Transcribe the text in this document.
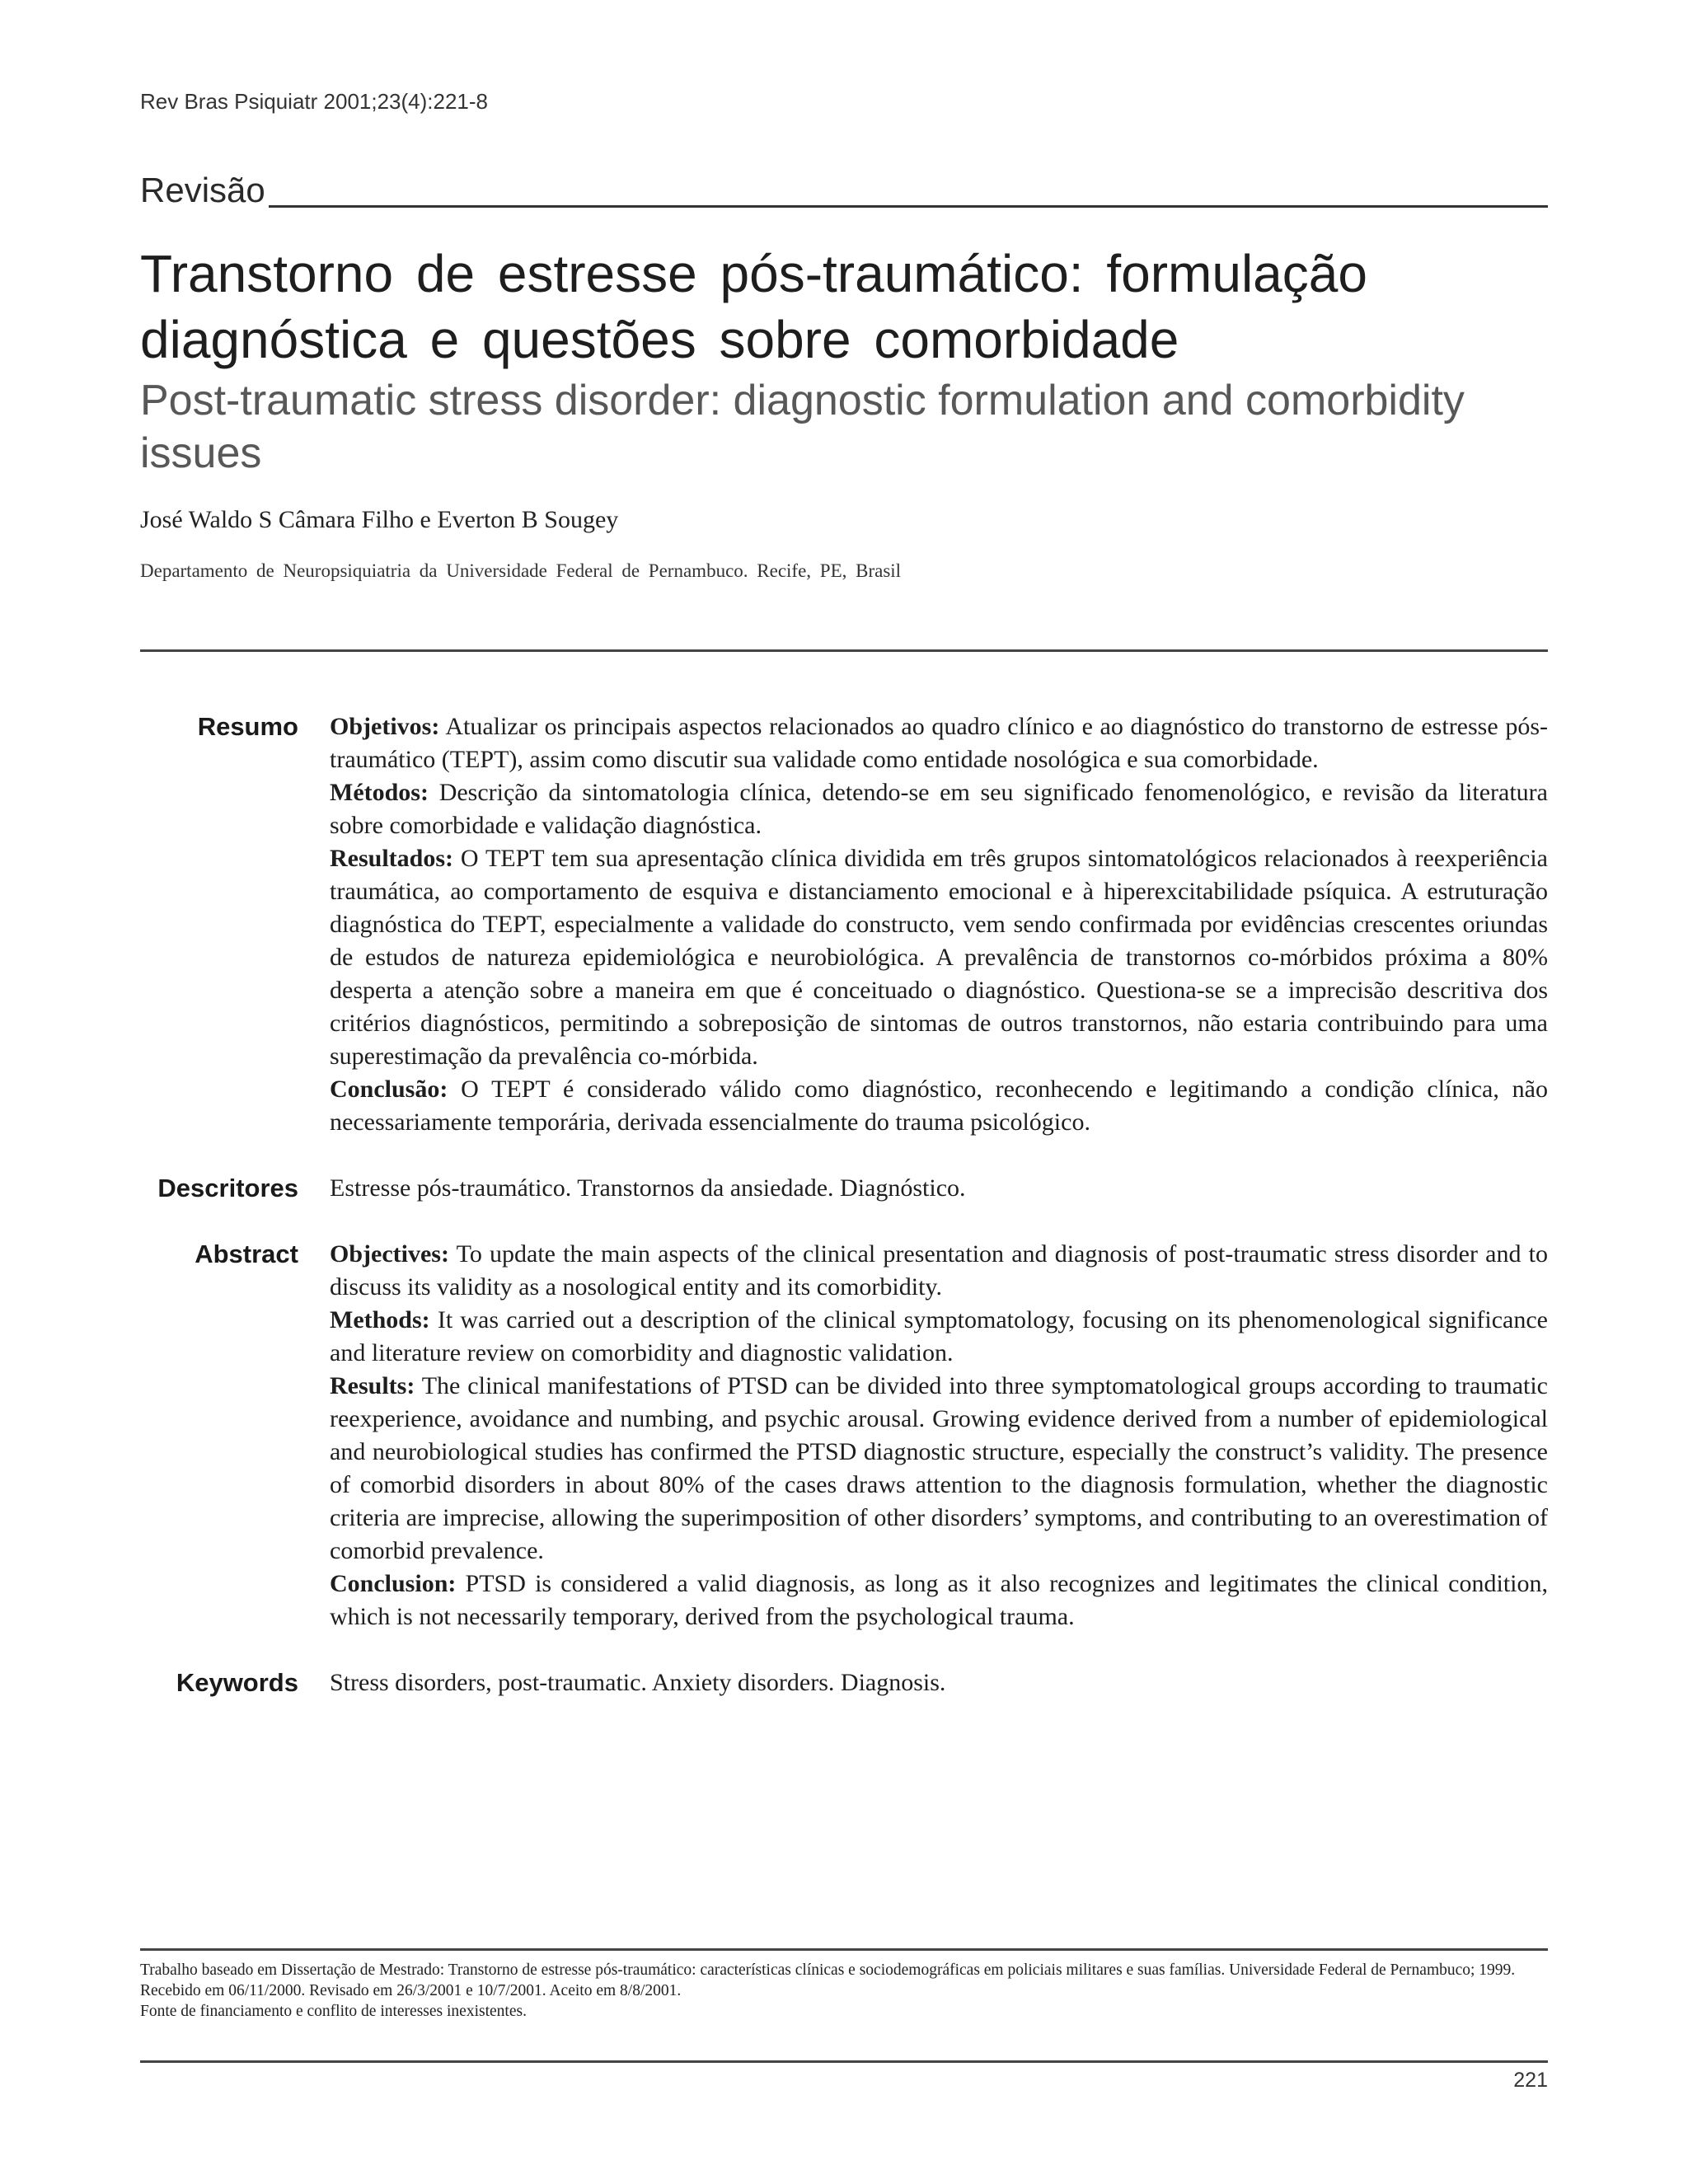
Rev Bras Psiquiatr 2001;23(4):221-8
Revisão
Transtorno de estresse pós-traumático: formulação diagnóstica e questões sobre comorbidade
Post-traumatic stress disorder: diagnostic formulation and comorbidity issues
José Waldo S Câmara Filho e Everton B Sougey
Departamento de Neuropsiquiatria da Universidade Federal de Pernambuco. Recife, PE, Brasil
Resumo Objetivos: Atualizar os principais aspectos relacionados ao quadro clínico e ao diagnóstico do transtorno de estresse pós-traumático (TEPT), assim como discutir sua validade como entidade nosológica e sua comorbidade.

Métodos: Descrição da sintomatologia clínica, detendo-se em seu significado fenomenológico, e revisão da literatura sobre comorbidade e validação diagnóstica.

Resultados: O TEPT tem sua apresentação clínica dividida em três grupos sintomatológicos relacionados à reexperiência traumática, ao comportamento de esquiva e distanciamento emocional e à hiperexcitabilidade psíquica. A estruturação diagnóstica do TEPT, especialmente a validade do constructo, vem sendo confirmada por evidências crescentes oriundas de estudos de natureza epidemiológica e neurobiológica. A prevalência de transtornos co-mórbidos próxima a 80% desperta a atenção sobre a maneira em que é conceituado o diagnóstico. Questiona-se se a imprecisão descritiva dos critérios diagnósticos, permitindo a sobreposição de sintomas de outros transtornos, não estaria contribuindo para uma superestimação da prevalência co-mórbida.

Conclusão: O TEPT é considerado válido como diagnóstico, reconhecendo e legitimando a condição clínica, não necessariamente temporária, derivada essencialmente do trauma psicológico.

Descritores Estresse pós-traumático. Transtornos da ansiedade. Diagnóstico.
Abstract Objectives: To update the main aspects of the clinical presentation and diagnosis of post-traumatic stress disorder and to discuss its validity as a nosological entity and its comorbidity.

Methods: It was carried out a description of the clinical symptomatology, focusing on its phenomenological significance and literature review on comorbidity and diagnostic validation.

Results: The clinical manifestations of PTSD can be divided into three symptomatological groups according to traumatic reexperience, avoidance and numbing, and psychic arousal. Growing evidence derived from a number of epidemiological and neurobiological studies has confirmed the PTSD diagnostic structure, especially the construct’s validity. The presence of comorbid disorders in about 80% of the cases draws attention to the diagnosis formulation, whether the diagnostic criteria are imprecise, allowing the superimposition of other disorders’ symptoms, and contributing to an overestimation of comorbid prevalence.

Conclusion: PTSD is considered a valid diagnosis, as long as it also recognizes and legitimates the clinical condition, which is not necessarily temporary, derived from the psychological trauma.

Keywords Stress disorders, post-traumatic. Anxiety disorders. Diagnosis.

Trabalho baseado em Dissertação de Mestrado: Transtorno de estresse pós-traumático: características clínicas e sociodemográficas em policiais militares e suas famílias. Universidade Federal de Pernambuco; 1999.

Recebido em 06/11/2000. Revisado em 26/3/2001 e 10/7/2001. Aceito em 8/8/2001.

Fonte de financiamento e conflito de interesses inexistentes.

221
